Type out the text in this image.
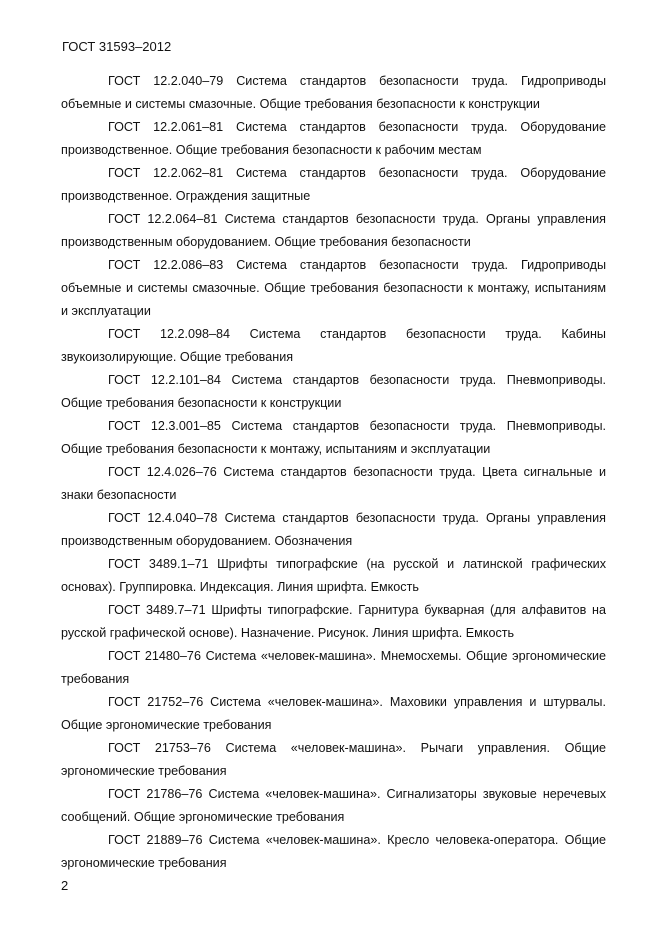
ГОСТ 31593–2012

ГОСТ 12.2.040–79 Система стандартов безопасности труда. Гидроприводы объемные и системы смазочные. Общие требования безопасности к конструкции

ГОСТ 12.2.061–81 Система стандартов безопасности труда. Оборудование производственное. Общие требования безопасности к рабочим местам

ГОСТ 12.2.062–81 Система стандартов безопасности труда. Оборудование производственное. Ограждения защитные

ГОСТ 12.2.064–81 Система стандартов безопасности труда. Органы управления производственным оборудованием. Общие требования безопасности

ГОСТ 12.2.086–83 Система стандартов безопасности труда. Гидроприводы объемные и системы смазочные. Общие требования безопасности к монтажу, испытаниям и эксплуатации

ГОСТ 12.2.098–84 Система стандартов безопасности труда. Кабины звукоизолирующие. Общие требования

ГОСТ 12.2.101–84 Система стандартов безопасности труда. Пневмоприводы. Общие требования безопасности к конструкции

ГОСТ 12.3.001–85 Система стандартов безопасности труда. Пневмоприводы. Общие требования безопасности к монтажу, испытаниям и эксплуатации

ГОСТ 12.4.026–76 Система стандартов безопасности труда. Цвета сигнальные и знаки безопасности

ГОСТ 12.4.040–78 Система стандартов безопасности труда. Органы управления производственным оборудованием. Обозначения

ГОСТ 3489.1–71 Шрифты типографские (на русской и латинской графических основах). Группировка. Индексация. Линия шрифта. Емкость

ГОСТ 3489.7–71 Шрифты типографские. Гарнитура букварная (для алфавитов на русской графической основе). Назначение. Рисунок. Линия шрифта. Емкость

ГОСТ 21480–76 Система «человек-машина». Мнемосхемы. Общие эргономические требования

ГОСТ 21752–76 Система «человек-машина». Маховики управления и штурвалы. Общие эргономические требования

ГОСТ 21753–76 Система «человек-машина». Рычаги управления. Общие эргономические требования

ГОСТ 21786–76 Система «человек-машина». Сигнализаторы звуковые неречевых сообщений. Общие эргономические требования

ГОСТ 21889–76 Система «человек-машина». Кресло человека-оператора. Общие эргономические требования

2
